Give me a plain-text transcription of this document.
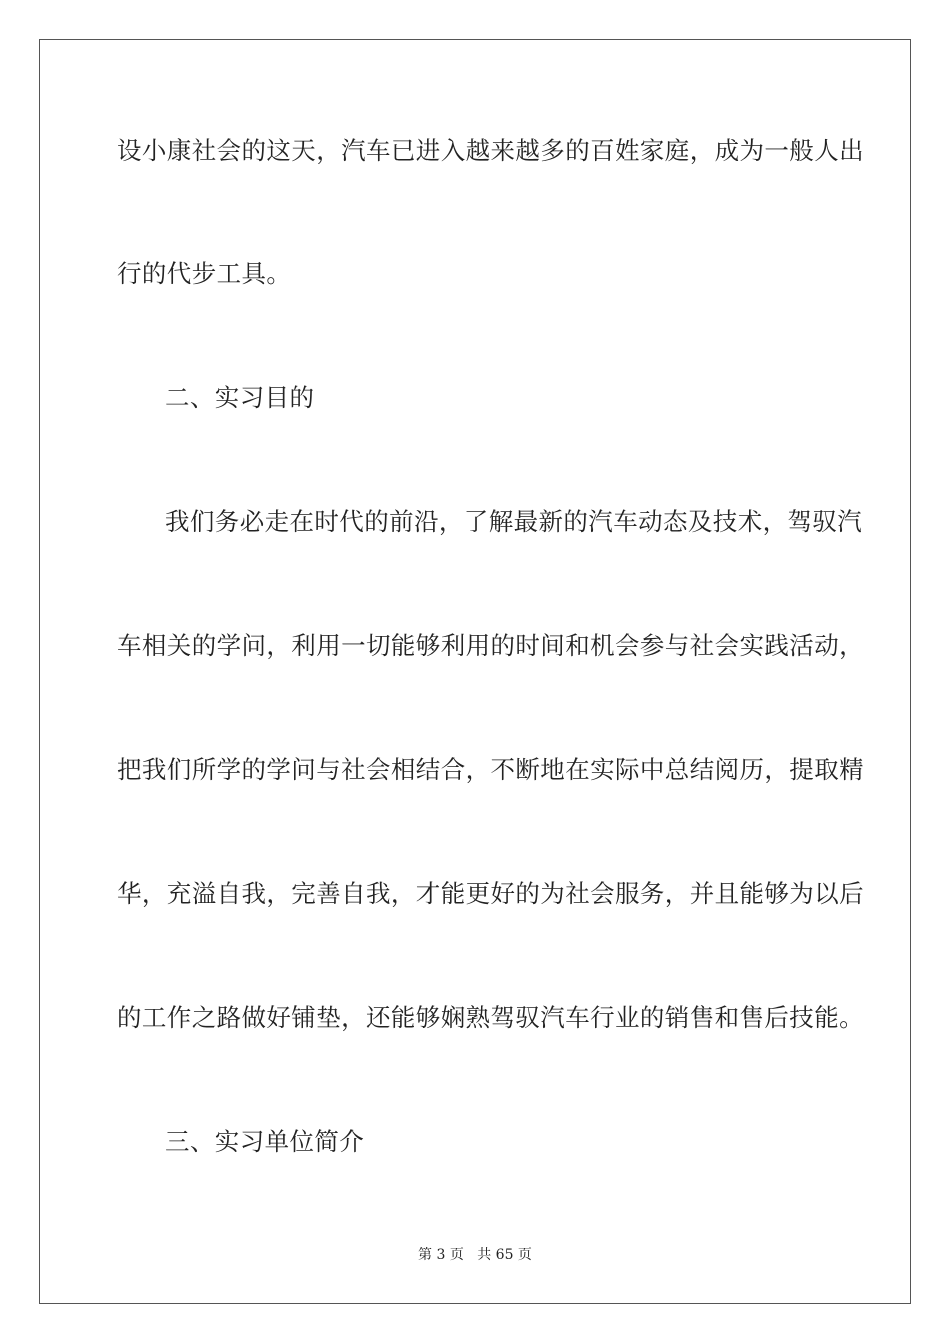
设小康社会的这天，汽车已进入越来越多的百姓家庭，成为一般人出
行的代步工具。
二、实习目的
我们务必走在时代的前沿，了解最新的汽车动态及技术，驾驭汽
车相关的学问，利用一切能够利用的时间和机会参与社会实践活动，
把我们所学的学问与社会相结合，不断地在实际中总结阅历，提取精
华，充溢自我，完善自我，才能更好的为社会服务，并且能够为以后
的工作之路做好铺垫，还能够娴熟驾驭汽车行业的销售和售后技能。
三、实习单位简介
第 3 页 共 65 页
